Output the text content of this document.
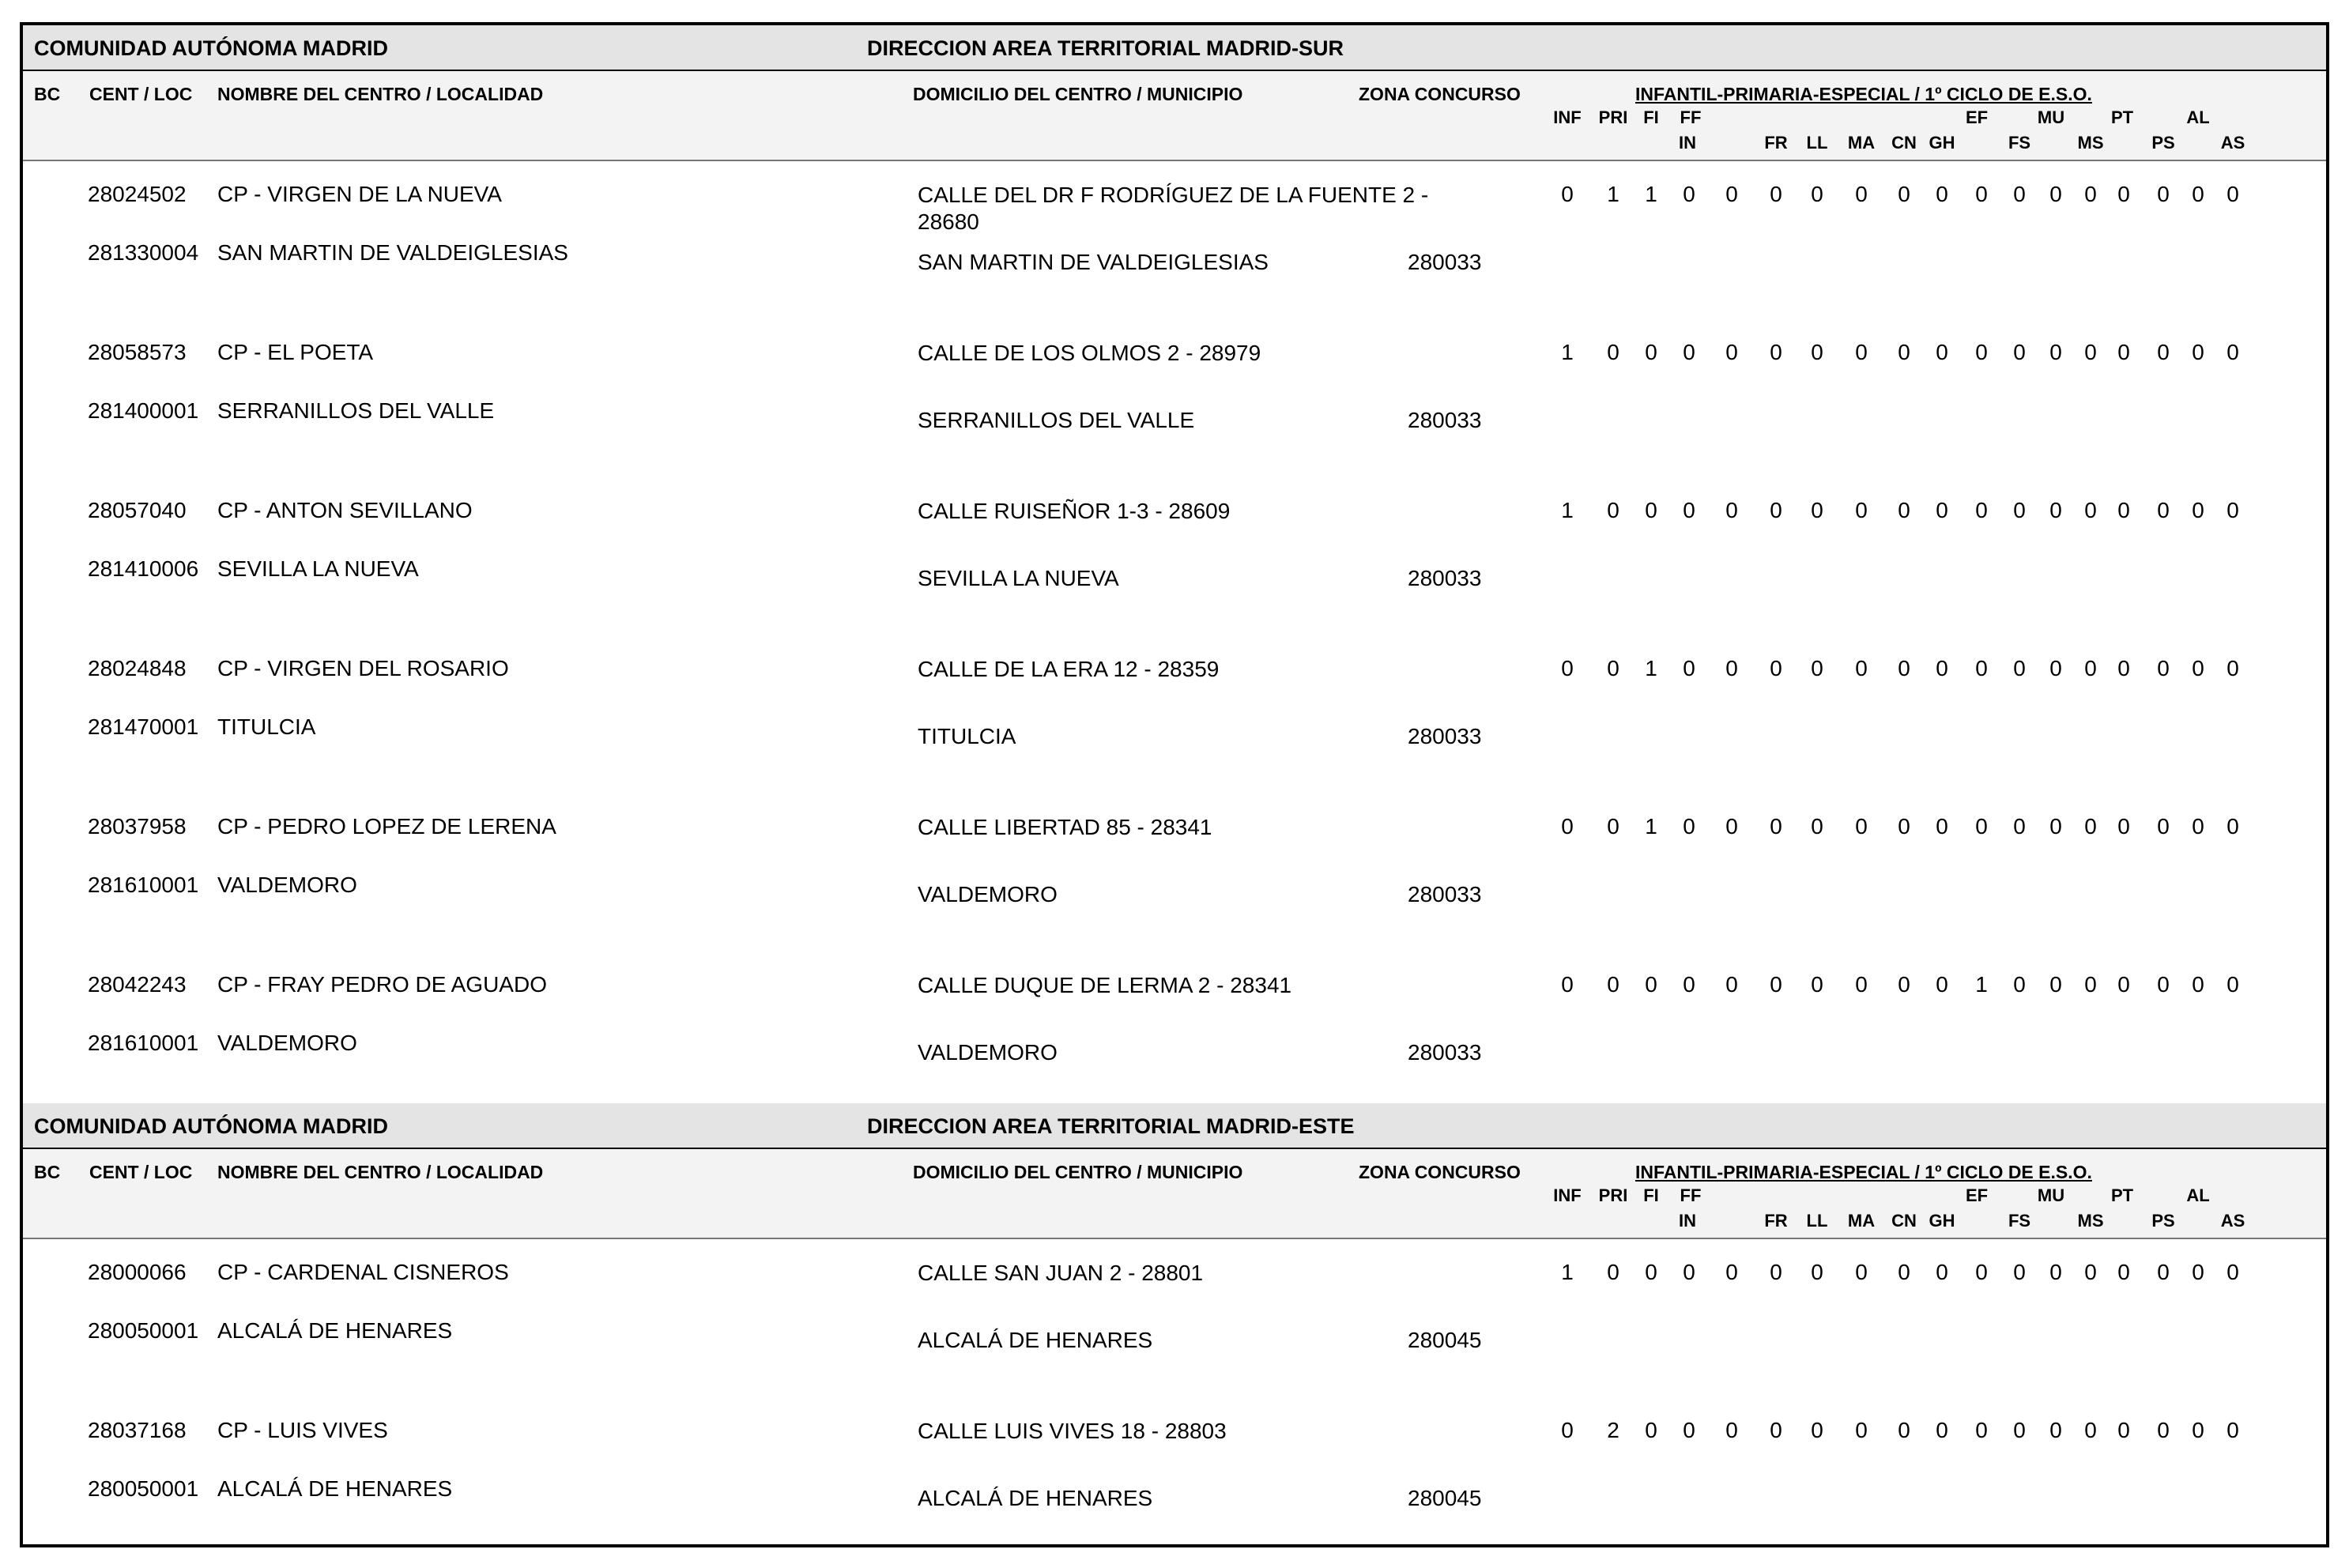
COMUNIDAD AUTÓNOMA MADRID	DIRECCION AREA TERRITORIAL MADRID-SUR
BC CENT / LOC NOMBRE DEL CENTRO / LOCALIDAD	DOMICILIO DEL CENTRO / MUNICIPIO	ZONA CONCURSO	INFANTIL-PRIMARIA-ESPECIAL / 1º CICLO DE E.S.O.
INF PRI FI	FF	EF	MU	PT	AL
IN	FR	LL	MA CN GH	FS	MS	PS	AS
28024502 CP - VIRGEN DE LA NUEVA	CALLE DEL DR F RODRÍGUEZ DE LA FUENTE 2 - 28680
281330004 SAN MARTIN DE VALDEIGLESIAS	SAN MARTIN DE VALDEIGLESIAS	280033
0	1	1	0	0	0	0	0	0	0	0	0	0	0 0	0	0	0
28058573 CP - EL POETA	CALLE DE LOS OLMOS 2 - 28979
281400001 SERRANILLOS DEL VALLE	SERRANILLOS DEL VALLE	280033
1	0	0	0	0	0	0	0	0	0	0	0	0	0 0	0	0	0
28057040 CP - ANTON SEVILLANO	CALLE RUISEÑOR 1-3 - 28609
281410006 SEVILLA LA NUEVA	SEVILLA LA NUEVA	280033
1	0	0	0	0	0	0	0	0	0	0	0	0	0 0	0	0	0
28024848 CP - VIRGEN DEL ROSARIO	CALLE DE LA ERA 12 - 28359
281470001 TITULCIA	TITULCIA	280033
0	0	1	0	0	0	0	0	0	0	0	0	0	0 0	0	0	0
28037958 CP - PEDRO LOPEZ DE LERENA	CALLE LIBERTAD 85 - 28341
281610001 VALDEMORO	VALDEMORO	280033
0	0	1	0	0	0	0	0	0	0	0	0	0	0 0	0	0	0
28042243 CP - FRAY PEDRO DE AGUADO	CALLE DUQUE DE LERMA 2 - 28341
281610001 VALDEMORO	VALDEMORO	280033
0	0	0	0	0	0	0	0	0	0	1	0	0	0 0	0	0	0
COMUNIDAD AUTÓNOMA MADRID	DIRECCION AREA TERRITORIAL MADRID-ESTE
BC CENT / LOC NOMBRE DEL CENTRO / LOCALIDAD	DOMICILIO DEL CENTRO / MUNICIPIO	ZONA CONCURSO	INFANTIL-PRIMARIA-ESPECIAL / 1º CICLO DE E.S.O.
INF PRI FI	FF	EF	MU	PT	AL
IN	FR	LL	MA CN GH	FS	MS	PS	AS
28000066 CP - CARDENAL CISNEROS	CALLE SAN JUAN 2 - 28801
280050001 ALCALÁ DE HENARES	ALCALÁ DE HENARES	280045
1	0	0	0	0	0	0	0	0	0	0	0	0	0 0	0	0	0
28037168 CP - LUIS VIVES	CALLE LUIS VIVES 18 - 28803
280050001 ALCALÁ DE HENARES	ALCALÁ DE HENARES	280045
0	2	0	0	0	0	0	0	0	0	0	0	0	0 0	0	0	0
